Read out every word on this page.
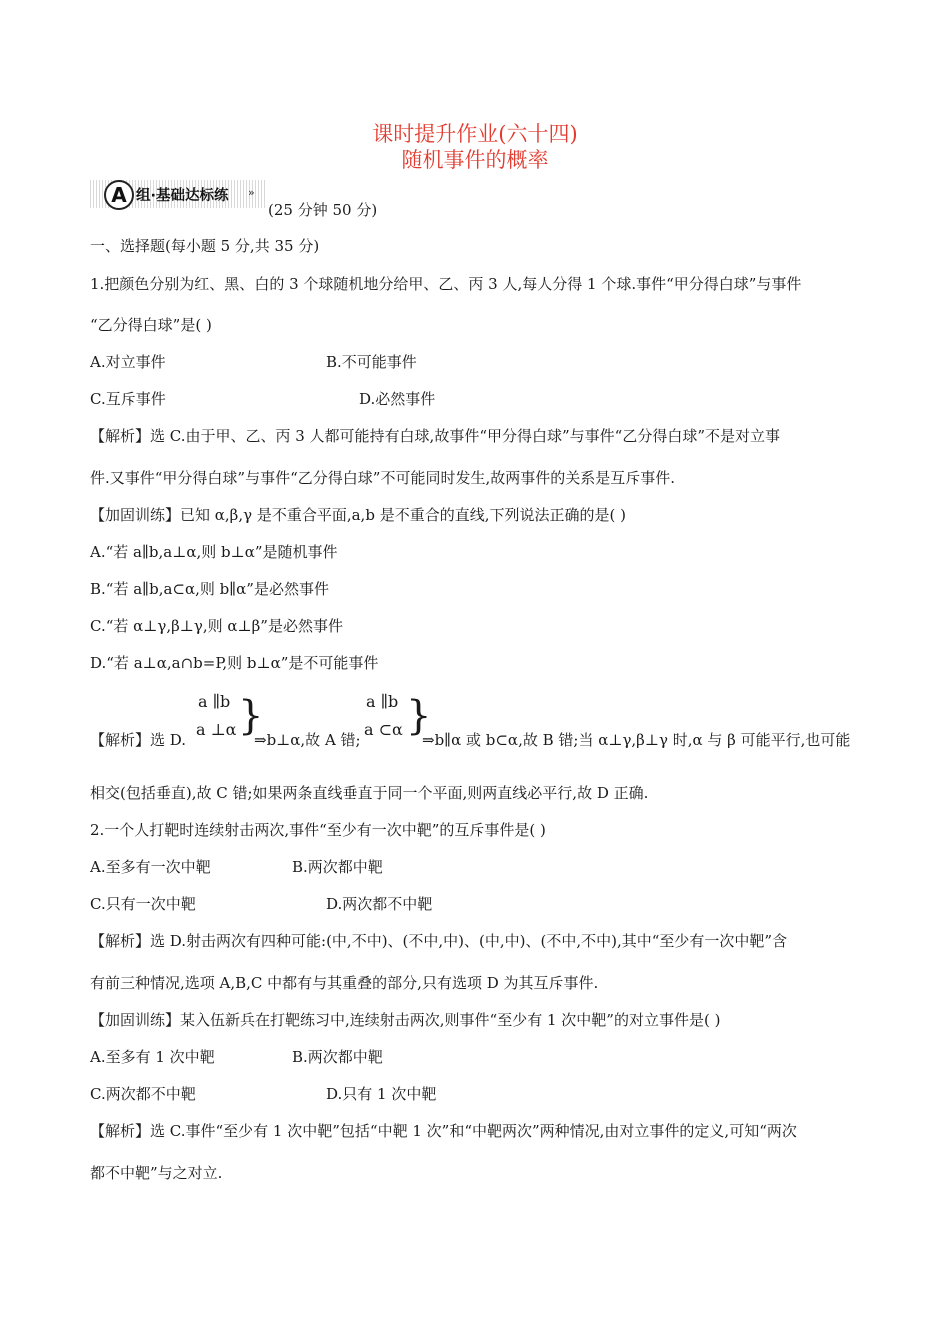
课时提升作业(六十四)
随机事件的概率
A 组·基础达标练 »
(25 分钟 50 分)
一、选择题(每小题 5 分,共 35 分)
1.把颜色分别为红、黑、白的 3 个球随机地分给甲、乙、丙 3 人,每人分得 1 个球.事件“甲分得白球”与事件
“乙分得白球”是( )
A.对立事件	B.不可能事件
C.互斥事件	D.必然事件
【解析】选 C.由于甲、乙、丙 3 人都可能持有白球,故事件“甲分得白球”与事件“乙分得白球”不是对立事
件.又事件“甲分得白球”与事件“乙分得白球”不可能同时发生,故两事件的关系是互斥事件.
【加固训练】已知 α,β,γ 是不重合平面,a,b 是不重合的直线,下列说法正确的是( )
A.“若 a∥b,a⊥α,则 b⊥α”是随机事件
B.“若 a∥b,a⊂α,则 b∥α”是必然事件
C.“若 α⊥γ,β⊥γ,则 α⊥β”是必然事件
D.“若 a⊥α,a∩b=P,则 b⊥α”是不可能事件
【解析】选 D.
a ∥b
a ⊥α }
⇒b⊥α,故 A 错;
a ∥b
a ⊂α }
⇒b∥α 或 b⊂α,故 B 错;当 α⊥γ,β⊥γ 时,α 与 β 可能平行,也可能
相交(包括垂直),故 C 错;如果两条直线垂直于同一个平面,则两直线必平行,故 D 正确.
2.一个人打靶时连续射击两次,事件“至少有一次中靶”的互斥事件是( )
A.至多有一次中靶	B.两次都中靶
C.只有一次中靶	D.两次都不中靶
【解析】选 D.射击两次有四种可能:(中,不中)、(不中,中)、(中,中)、(不中,不中),其中“至少有一次中靶”含
有前三种情况,选项 A,B,C 中都有与其重叠的部分,只有选项 D 为其互斥事件.
【加固训练】某入伍新兵在打靶练习中,连续射击两次,则事件“至少有 1 次中靶”的对立事件是( )
A.至多有 1 次中靶	B.两次都中靶
C.两次都不中靶	D.只有 1 次中靶
【解析】选 C.事件“至少有 1 次中靶”包括“中靶 1 次”和“中靶两次”两种情况,由对立事件的定义,可知“两次
都不中靶”与之对立.
